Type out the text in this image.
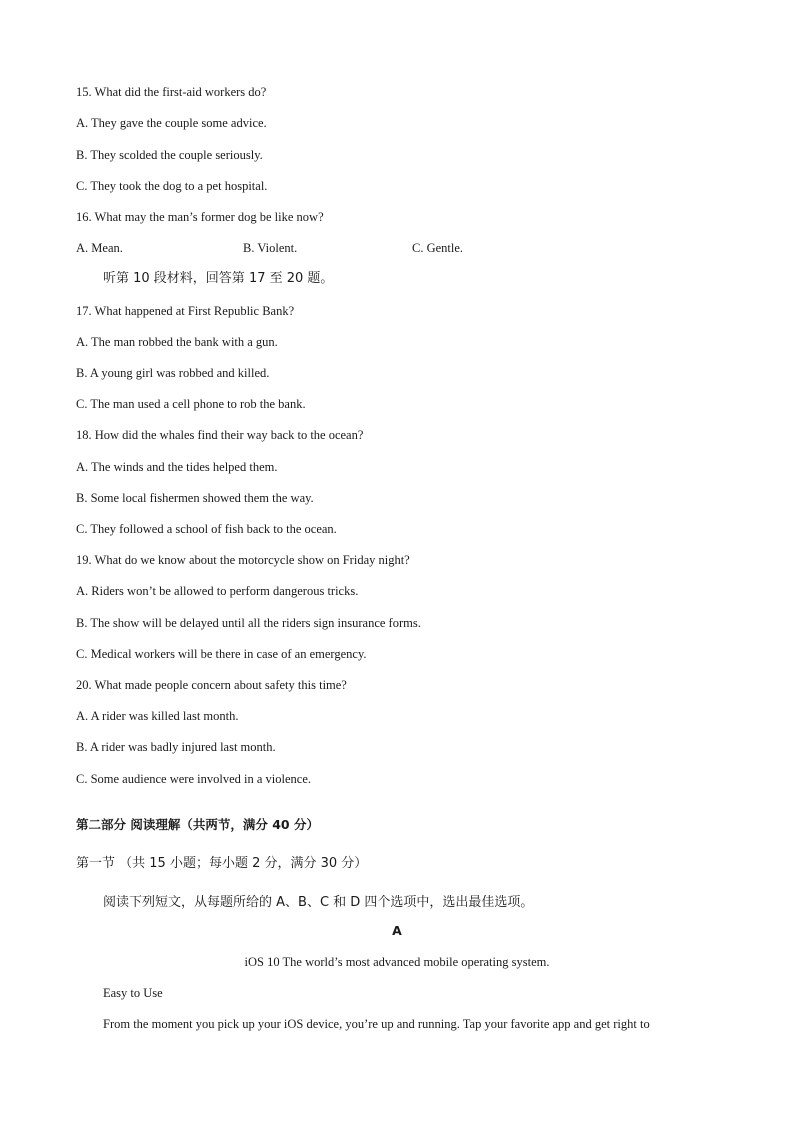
15. What did the first-aid workers do?
A. They gave the couple some advice.
B. They scolded the couple seriously.
C. They took the dog to a pet hospital.
16. What may the man’s former dog be like now?
A. Mean.	B. Violent.	C. Gentle.
听第 10 段材料，回答第 17 至 20 题。
17. What happened at First Republic Bank?
A. The man robbed the bank with a gun.
B. A young girl was robbed and killed.
C. The man used a cell phone to rob the bank.
18. How did the whales find their way back to the ocean?
A. The winds and the tides helped them.
B. Some local fishermen showed them the way.
C. They followed a school of fish back to the ocean.
19. What do we know about the motorcycle show on Friday night?
A. Riders won’t be allowed to perform dangerous tricks.
B. The show will be delayed until all the riders sign insurance forms.
C. Medical workers will be there in case of an emergency.
20. What made people concern about safety this time?
A. A rider was killed last month.
B. A rider was badly injured last month.
C. Some audience were involved in a violence.
第二部分 阅读理解（共两节，满分 40 分）
第一节 （共 15 小题；每小题 2 分，满分 30 分）
阅读下列短文，从每题所给的 A、B、C 和 D 四个选项中，选出最佳选项。
A
iOS 10 The world’s most advanced mobile operating system.
Easy to Use
From the moment you pick up your iOS device, you’re up and running. Tap your favorite app and get right to
